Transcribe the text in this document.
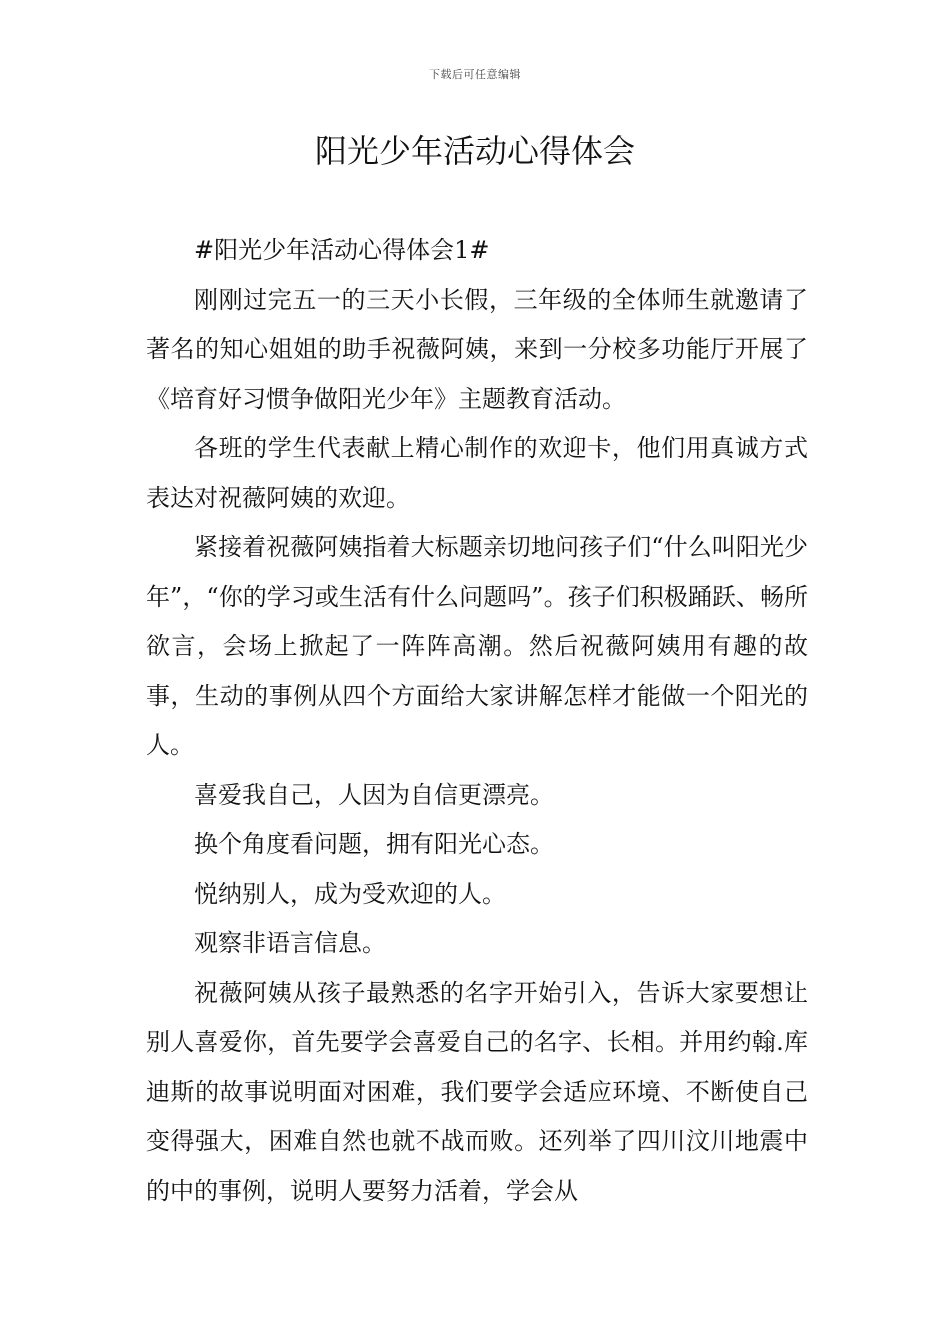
下载后可任意编辑
阳光少年活动心得体会

#阳光少年活动心得体会1#

刚刚过完五一的三天小长假，三年级的全体师生就邀请了著名的知心姐姐的助手祝薇阿姨，来到一分校多功能厅开展了《培育好习惯争做阳光少年》主题教育活动。

各班的学生代表献上精心制作的欢迎卡，他们用真诚方式表达对祝薇阿姨的欢迎。

紧接着祝薇阿姨指着大标题亲切地问孩子们“什么叫阳光少年”，“你的学习或生活有什么问题吗”。孩子们积极踊跃、畅所欲言，会场上掀起了一阵阵高潮。然后祝薇阿姨用有趣的故事，生动的事例从四个方面给大家讲解怎样才能做一个阳光的人。

喜爱我自己，人因为自信更漂亮。

换个角度看问题，拥有阳光心态。

悦纳别人，成为受欢迎的人。

观察非语言信息。

祝薇阿姨从孩子最熟悉的名字开始引入，告诉大家要想让别人喜爱你，首先要学会喜爱自己的名字、长相。并用约翰.库迪斯的故事说明面对困难，我们要学会适应环境、不断使自己变得强大，困难自然也就不战而败。还列举了四川汶川地震中的中的事例，说明人要努力活着，学会从
